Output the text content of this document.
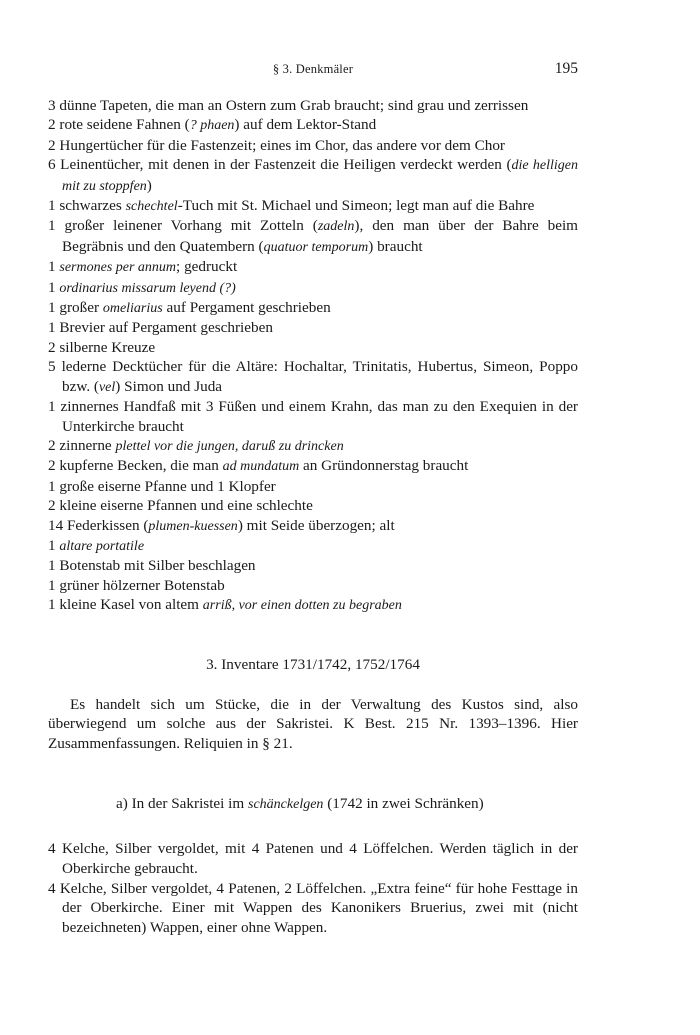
§ 3. Denkmäler	195
3 dünne Tapeten, die man an Ostern zum Grab braucht; sind grau und zerrissen
2 rote seidene Fahnen (? phaen) auf dem Lektor-Stand
2 Hungertücher für die Fastenzeit; eines im Chor, das andere vor dem Chor
6 Leinentücher, mit denen in der Fastenzeit die Heiligen verdeckt werden (die helligen mit zu stoppfen)
1 schwarzes schechtel-Tuch mit St. Michael und Simeon; legt man auf die Bahre
1 großer leinener Vorhang mit Zotteln (zadeln), den man über der Bahre beim Begräbnis und den Quatembern (quatuor temporum) braucht
1 sermones per annum; gedruckt
1 ordinarius missarum leyend (?)
1 großer omeliarius auf Pergament geschrieben
1 Brevier auf Pergament geschrieben
2 silberne Kreuze
5 lederne Decktücher für die Altäre: Hochaltar, Trinitatis, Hubertus, Simeon, Poppo bzw. (vel) Simon und Juda
1 zinnernes Handfaß mit 3 Füßen und einem Krahn, das man zu den Exequien in der Unterkirche braucht
2 zinnerne plettel vor die jungen, daruß zu drincken
2 kupferne Becken, die man ad mundatum an Gründonnerstag braucht
1 große eiserne Pfanne und 1 Klopfer
2 kleine eiserne Pfannen und eine schlechte
14 Federkissen (plumen-kuessen) mit Seide überzogen; alt
1 altare portatile
1 Botenstab mit Silber beschlagen
1 grüner hölzerner Botenstab
1 kleine Kasel von altem arriß, vor einen dotten zu begraben
3. Inventare 1731/1742, 1752/1764
Es handelt sich um Stücke, die in der Verwaltung des Kustos sind, also überwiegend um solche aus der Sakristei. K Best. 215 Nr. 1393–1396. Hier Zusammenfassungen. Reliquien in § 21.
a) In der Sakristei im schänckelgen (1742 in zwei Schränken)
4 Kelche, Silber vergoldet, mit 4 Patenen und 4 Löffelchen. Werden täglich in der Oberkirche gebraucht.
4 Kelche, Silber vergoldet, 4 Patenen, 2 Löffelchen. „Extra feine“ für hohe Festtage in der Oberkirche. Einer mit Wappen des Kanonikers Bruerius, zwei mit (nicht bezeichneten) Wappen, einer ohne Wappen.
